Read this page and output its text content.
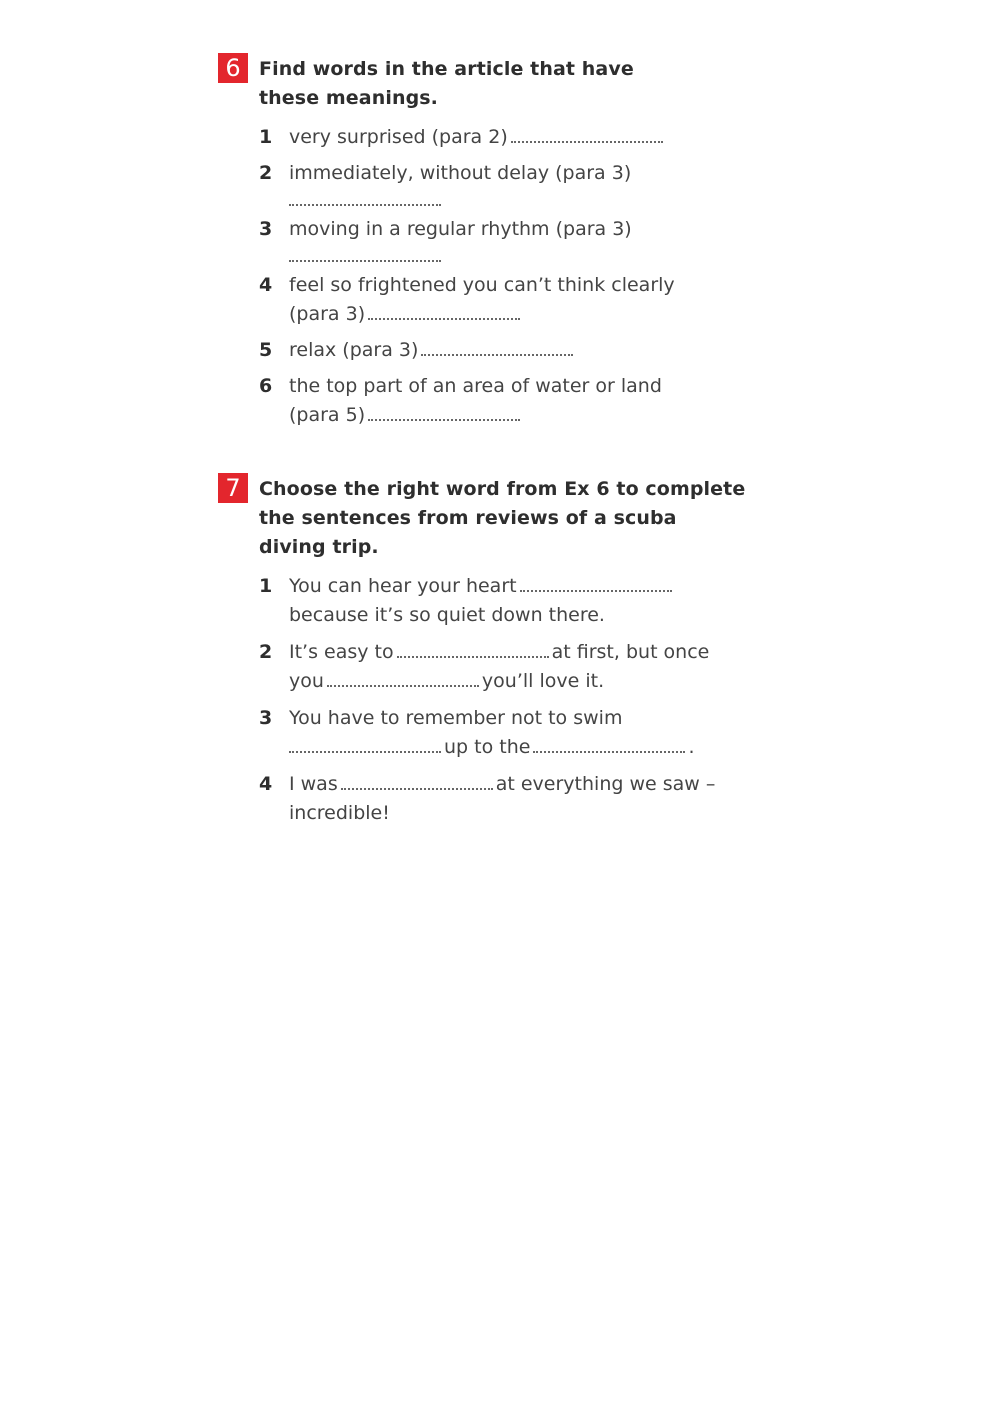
6 Find words in the article that have
these meanings.
1 very surprised (para 2)
2 immediately, without delay (para 3)
3 moving in a regular rhythm (para 3)
4 feel so frightened you can’t think clearly
(para 3)
5 relax (para 3)
6 the top part of an area of water or land
(para 5)
7 Choose the right word from Ex 6 to complete
the sentences from reviews of a scuba
diving trip.
1 You can hear your heart
because it’s so quiet down there.
2 It’s easy to	at first, but once
you	you’ll love it.
3 You have to remember not to swim
up to the	.
4 I was	at everything we saw –
incredible!
